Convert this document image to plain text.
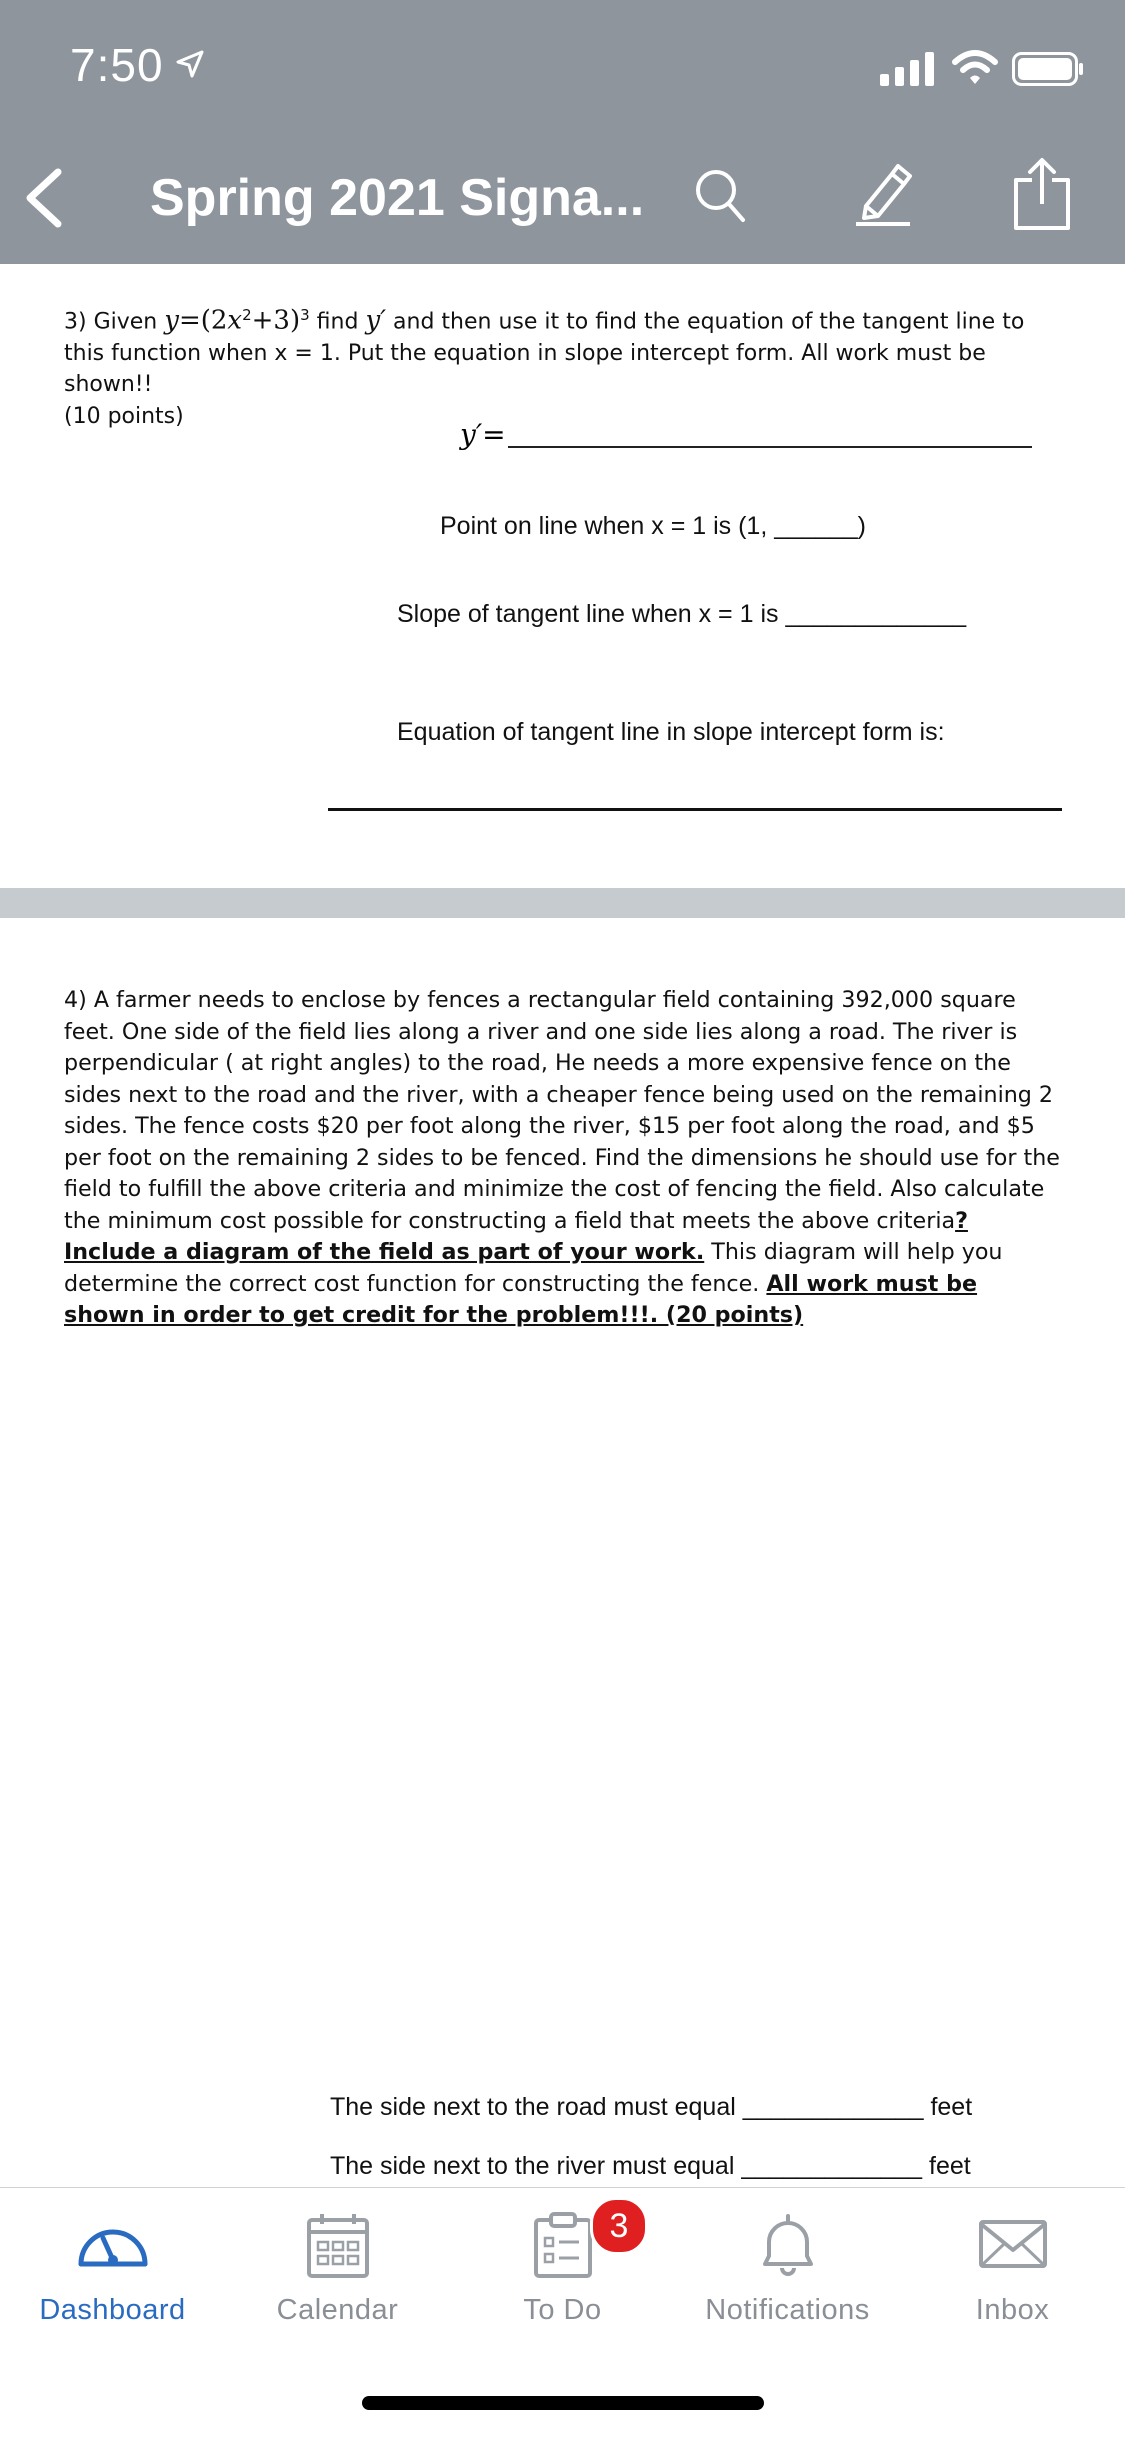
7:50
Spring 2021 Signa...
3) Given $y=(2x^2+3)^3$ find y′ and then use it to find the equation of the tangent line to this function when x = 1. Put the equation in slope intercept form. All work must be shown!!
(10 points)
y′=
Point on line when x = 1 is (1, ______)
Slope of tangent line when x = 1 is _____________
Equation of tangent line in slope intercept form is:
4) A farmer needs to enclose by fences a rectangular field containing 392,000 square feet. One side of the field lies along a river and one side lies along a road. The river is perpendicular ( at right angles) to the road, He needs a more expensive fence on the sides next to the road and the river, with a cheaper fence being used on the remaining 2 sides. The fence costs $20 per foot along the river, $15 per foot along the road, and $5 per foot on the remaining 2 sides to be fenced. Find the dimensions he should use for the field to fulfill the above criteria and minimize the cost of fencing the field. Also calculate the minimum cost possible for constructing a field that meets the above criteria? Include a diagram of the field as part of your work. This diagram will help you determine the correct cost function for constructing the fence. All work must be shown in order to get credit for the problem!!!. (20 points)
The side next to the road must equal _____________ feet
The side next to the river must equal _____________ feet
Dashboard	Calendar	To Do	Notifications	Inbox
3
